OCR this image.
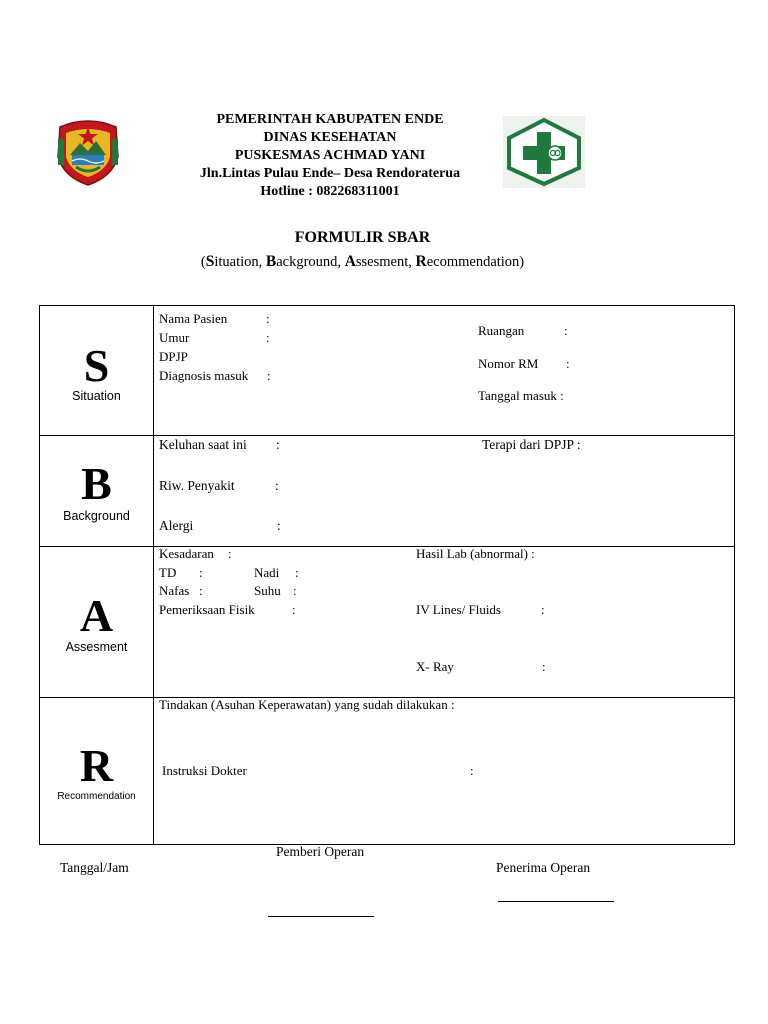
PEMERINTAH KABUPATEN ENDE
DINAS KESEHATAN
PUSKESMAS ACHMAD YANI
Jln.Lintas Pulau Ende– Desa Rendoraterua
Hotline : 082268311001
FORMULIR SBAR
(Situation, Background, Assesment, Recommendation)
S
Situation
Nama Pasien	:
Umur	:
DPJP
Diagnosis masuk :
Ruangan	:
Nomor RM :
Tanggal masuk :
B
Background
Keluhan saat ini :
Riw. Penyakit	:
Alergi	:
Terapi dari DPJP :
A
Assesment
Kesadaran :
TD :	Nadi :
Nafas :	Suhu :
Pemeriksaan Fisik	:
Hasil Lab (abnormal) :
IV Lines/ Fluids	:
X- Ray	:
R
Recommendation
Tindakan (Asuhan Keperawatan) yang sudah dilakukan :
Instruksi Dokter	:
Tanggal/Jam
Pemberi Operan
Penerima Operan
